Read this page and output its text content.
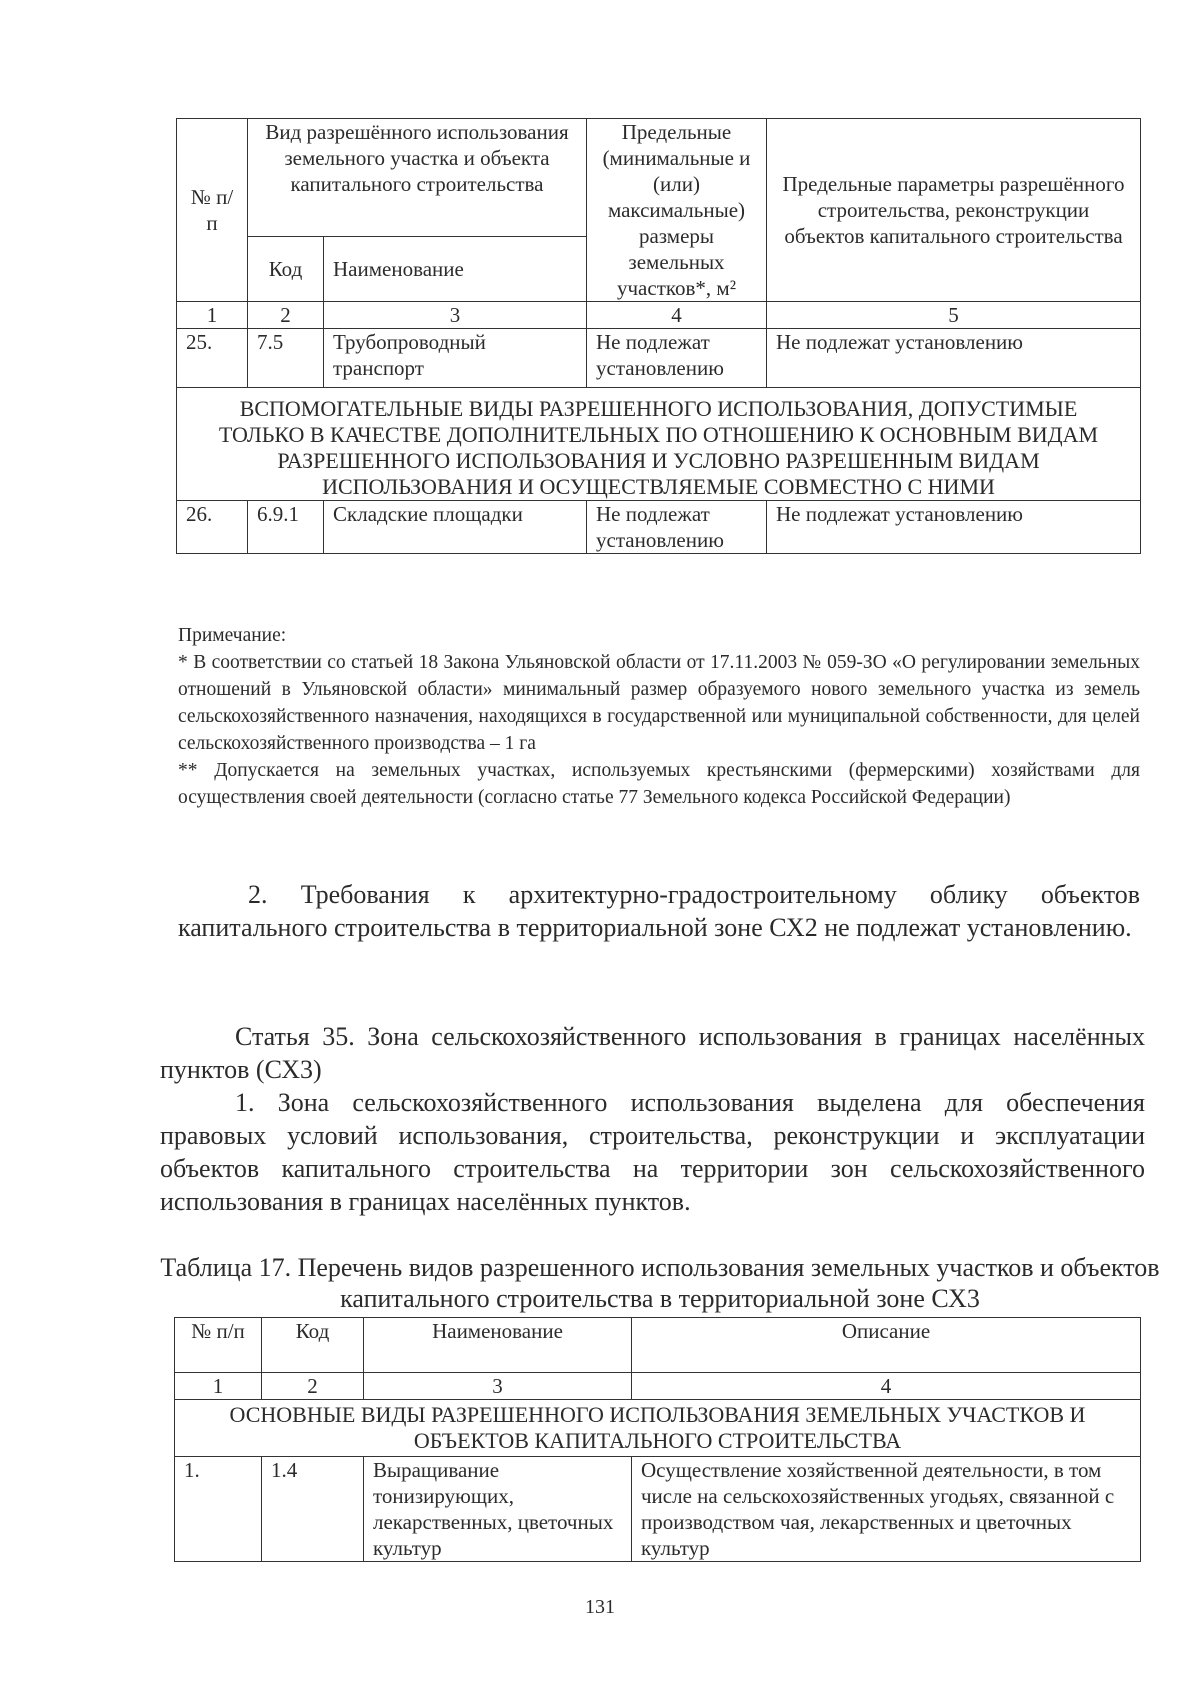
№ п/п	Вид разрешённого использования земельного участка и объекта капитального строительства		Предельные (минимальные и (или) максимальные) размеры земельных участков*, м²	Предельные параметры разрешённого строительства, реконструкции объектов капитального строительства
	Код	Наименование		
1	2	3	4	5
25.	7.5	Трубопроводный транспорт	Не подлежат установлению	Не подлежат установлению
ВСПОМОГАТЕЛЬНЫЕ ВИДЫ РАЗРЕШЕННОГО ИСПОЛЬЗОВАНИЯ, ДОПУСТИМЫЕ ТОЛЬКО В КАЧЕСТВЕ ДОПОЛНИТЕЛЬНЫХ ПО ОТНОШЕНИЮ К ОСНОВНЫМ ВИДАМ РАЗРЕШЕННОГО ИСПОЛЬЗОВАНИЯ И УСЛОВНО РАЗРЕШЕННЫМ ВИДАМ ИСПОЛЬЗОВАНИЯ И ОСУЩЕСТВЛЯЕМЫЕ СОВМЕСТНО С НИМИ				
26.	6.9.1	Складские площадки	Не подлежат установлению	Не подлежат установлению

Примечание:

* В соответствии со статьей 18 Закона Ульяновской области от 17.11.2003 № 059-ЗО «О регулировании земельных отношений в Ульяновской области» минимальный размер образуемого нового земельного участка из земель сельскохозяйственного назначения, находящихся в государственной или муниципальной собственности, для целей сельскохозяйственного производства – 1 га

** Допускается на земельных участках, используемых крестьянскими (фермерскими) хозяйствами для осуществления своей деятельности (согласно статье 77 Земельного кодекса Российской Федерации)

2. Требования к архитектурно-градостроительному облику объектов капитального строительства в территориальной зоне СХ2 не подлежат установлению.

Статья 35. Зона сельскохозяйственного использования в границах населённых пунктов (СХ3)

1. Зона сельскохозяйственного использования выделена для обеспечения правовых условий использования, строительства, реконструкции и эксплуатации объектов капитального строительства на территории зон сельскохозяйственного использования в границах населённых пунктов.

Таблица 17. Перечень видов разрешенного использования земельных участков и объектов капитального строительства в территориальной зоне СХ3
№ п/п	Код	Наименование	Описание
1	2	3	4
ОСНОВНЫЕ ВИДЫ РАЗРЕШЕННОГО ИСПОЛЬЗОВАНИЯ ЗЕМЕЛЬНЫХ УЧАСТКОВ И ОБЪЕКТОВ КАПИТАЛЬНОГО СТРОИТЕЛЬСТВА			
1.	1.4	Выращивание тонизирующих, лекарственных, цветочных культур	Осуществление хозяйственной деятельности, в том числе на сельскохозяйственных угодьях, связанной с производством чая, лекарственных и цветочных культур
131
